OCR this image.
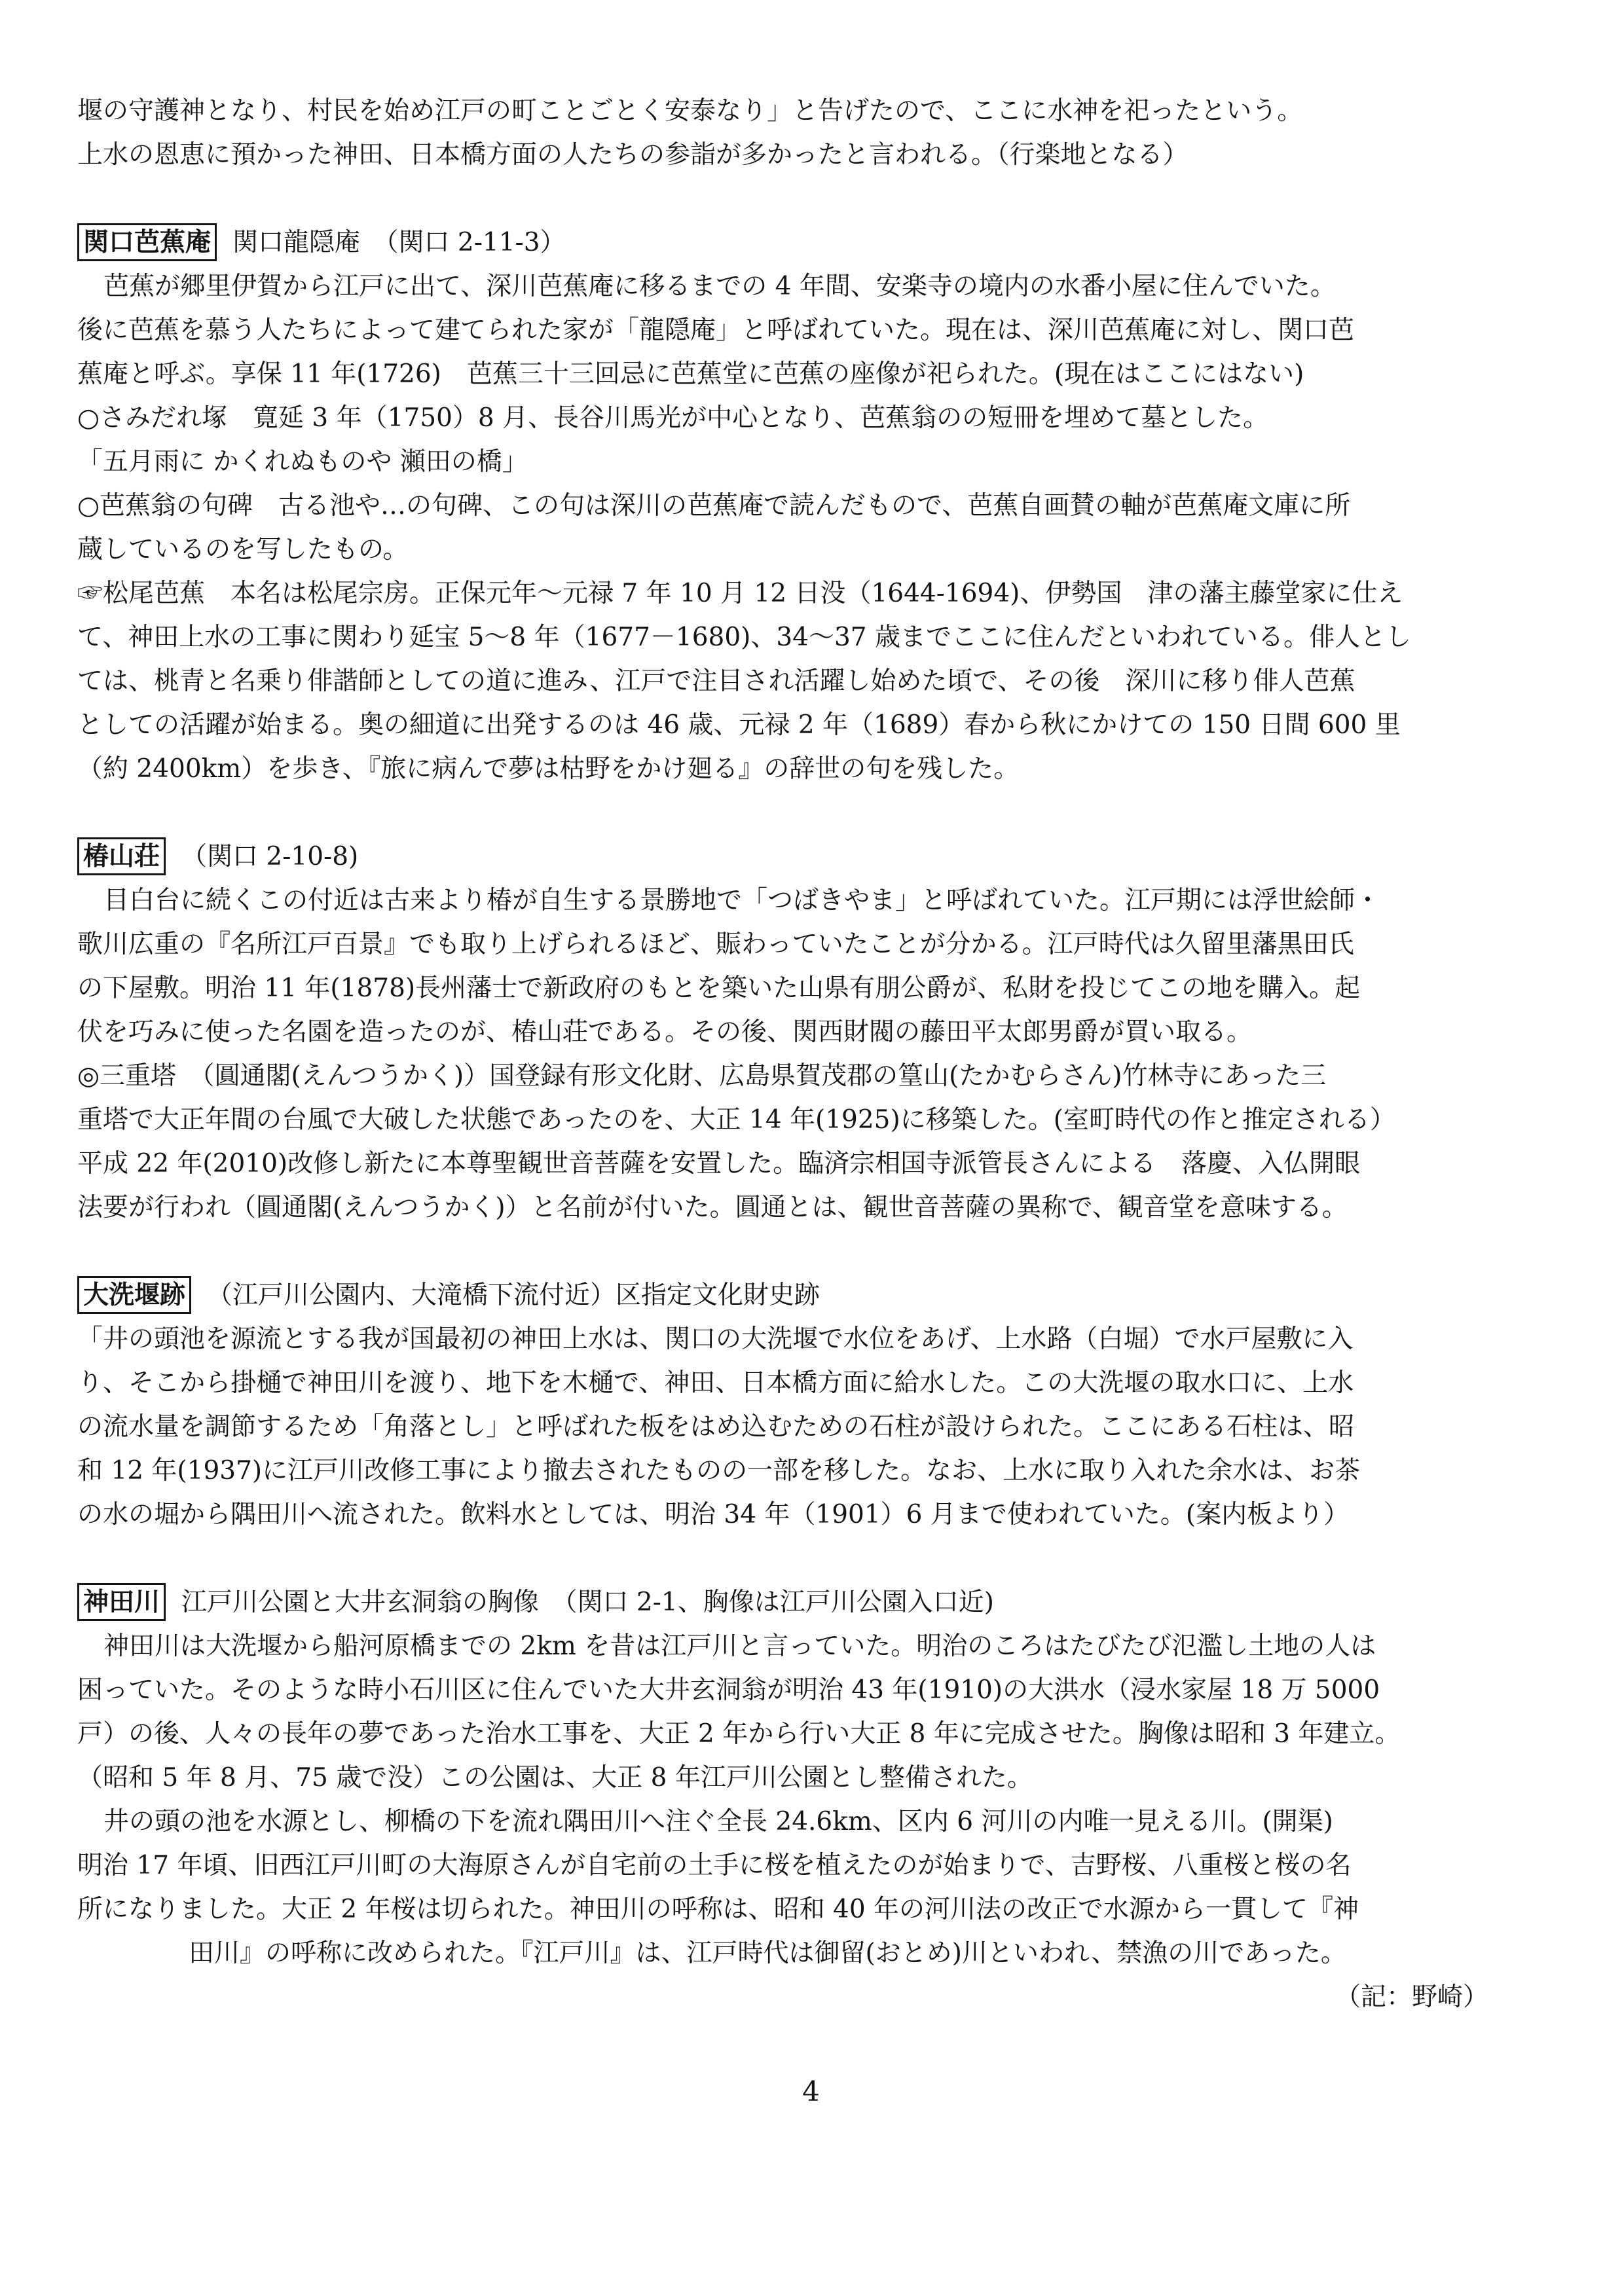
堰の守護神となり、村民を始め江戸の町ことごとく安泰なり」と告げたので、ここに水神を祀ったという。

上水の恩恵に預かった神田、日本橋方面の人たちの参詣が多かったと言われる。（行楽地となる）

関口芭蕉庵 関口龍隠庵　（関口 2-11-3）

芭蕉が郷里伊賀から江戸に出て、深川芭蕉庵に移るまでの 4 年間、安楽寺の境内の水番小屋に住んでいた。

後に芭蕉を慕う人たちによって建てられた家が「龍隠庵」と呼ばれていた。現在は、深川芭蕉庵に対し、関口芭

蕉庵と呼ぶ。享保 11 年(1726)　芭蕉三十三回忌に芭蕉堂に芭蕉の座像が祀られた。(現在はここにはない)

○さみだれ塚　寛延 3 年（1750）8 月、長谷川馬光が中心となり、芭蕉翁のの短冊を埋めて墓とした。

「五月雨に かくれぬものや 瀬田の橋」

○芭蕉翁の句碑　古る池や…の句碑、この句は深川の芭蕉庵で読んだもので、芭蕉自画賛の軸が芭蕉庵文庫に所

蔵しているのを写したもの。

☞松尾芭蕉　本名は松尾宗房。正保元年～元禄 7 年 10 月 12 日没（1644-1694)、伊勢国　津の藩主藤堂家に仕え

て、神田上水の工事に関わり延宝 5～8 年（1677－1680)、34～37 歳までここに住んだといわれている。俳人とし

ては、桃青と名乗り俳諧師としての道に進み、江戸で注目され活躍し始めた頃で、その後　深川に移り俳人芭蕉

としての活躍が始まる。奥の細道に出発するのは 46 歳、元禄 2 年（1689）春から秋にかけての 150 日間 600 里

（約 2400km）を歩き、『旅に病んで夢は枯野をかけ廻る』の辞世の句を残した。

椿山荘 （関口 2-10-8)

目白台に続くこの付近は古来より椿が自生する景勝地で「つばきやま」と呼ばれていた。江戸期には浮世絵師・

歌川広重の『名所江戸百景』でも取り上げられるほど、賑わっていたことが分かる。江戸時代は久留里藩黒田氏

の下屋敷。明治 11 年(1878)長州藩士で新政府のもとを築いた山県有朋公爵が、私財を投じてこの地を購入。起

伏を巧みに使った名園を造ったのが、椿山荘である。その後、関西財閥の藤田平太郎男爵が買い取る。

◎三重塔　（圓通閣(えんつうかく)）国登録有形文化財、広島県賀茂郡の篁山(たかむらさん)竹林寺にあった三

重塔で大正年間の台風で大破した状態であったのを、大正 14 年(1925)に移築した。(室町時代の作と推定される）

平成 22 年(2010)改修し新たに本尊聖観世音菩薩を安置した。臨済宗相国寺派管長さんによる　落慶、入仏開眼

法要が行われ（圓通閣(えんつうかく)）と名前が付いた。圓通とは、観世音菩薩の異称で、観音堂を意味する。

大洗堰跡 （江戸川公園内、大滝橋下流付近）区指定文化財史跡

「井の頭池を源流とする我が国最初の神田上水は、関口の大洗堰で水位をあげ、上水路（白堀）で水戸屋敷に入

り、そこから掛樋で神田川を渡り、地下を木樋で、神田、日本橋方面に給水した。この大洗堰の取水口に、上水

の流水量を調節するため「角落とし」と呼ばれた板をはめ込むための石柱が設けられた。ここにある石柱は、昭

和 12 年(1937)に江戸川改修工事により撤去されたものの一部を移した。なお、上水に取り入れた余水は、お茶

の水の堀から隅田川へ流された。飲料水としては、明治 34 年（1901）6 月まで使われていた。(案内板より）

神田川 江戸川公園と大井玄洞翁の胸像　（関口 2-1、胸像は江戸川公園入口近)

神田川は大洗堰から船河原橋までの 2km を昔は江戸川と言っていた。明治のころはたびたび氾濫し土地の人は

困っていた。そのような時小石川区に住んでいた大井玄洞翁が明治 43 年(1910)の大洪水（浸水家屋 18 万 5000

戸）の後、人々の長年の夢であった治水工事を、大正 2 年から行い大正 8 年に完成させた。胸像は昭和 3 年建立。

（昭和 5 年 8 月、75 歳で没）この公園は、大正 8 年江戸川公園とし整備された。

井の頭の池を水源とし、柳橋の下を流れ隅田川へ注ぐ全長 24.6km、区内 6 河川の内唯一見える川。(開渠)

明治 17 年頃、旧西江戸川町の大海原さんが自宅前の土手に桜を植えたのが始まりで、吉野桜、八重桜と桜の名

所になりました。大正 2 年桜は切られた。神田川の呼称は、昭和 40 年の河川法の改正で水源から一貫して『神

田川』の呼称に改められた。『江戸川』は、江戸時代は御留(おとめ)川といわれ、禁漁の川であった。

（記：野崎）

4
